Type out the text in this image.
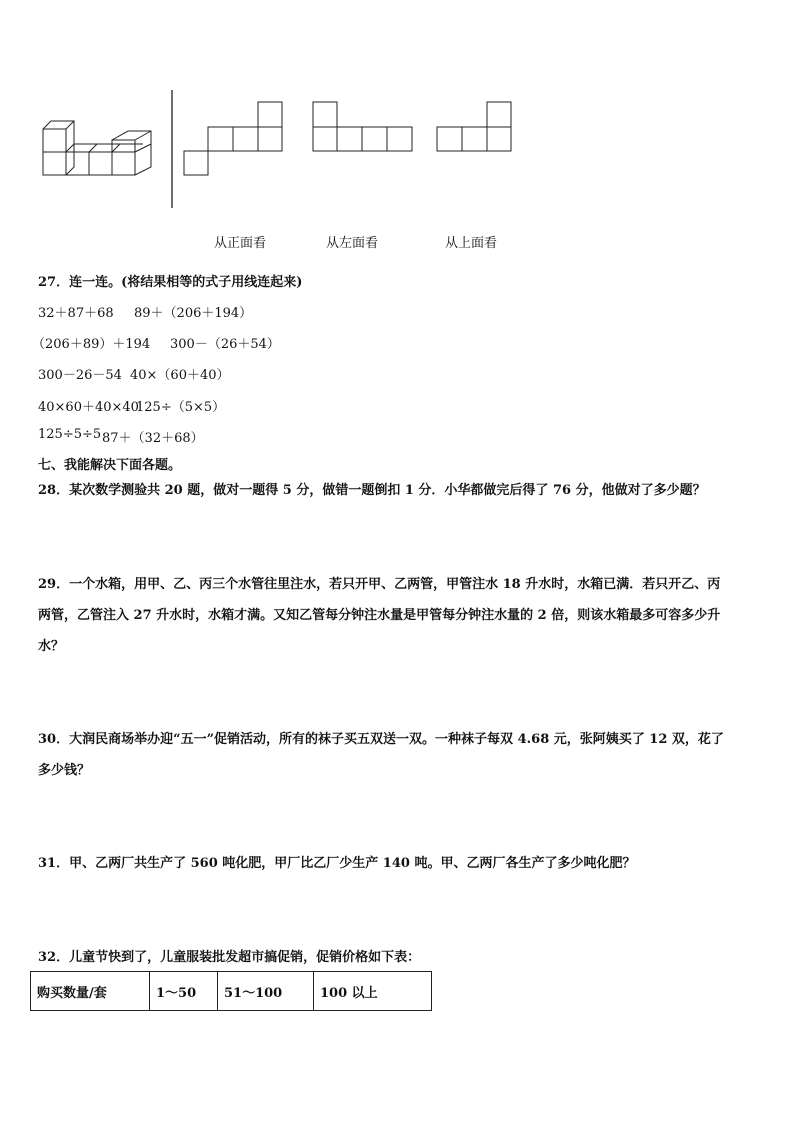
从正面看	从左面看	从上面看
27．连一连。(将结果相等的式子用线连起来)
32＋87＋68 89＋（206＋194）
（206＋89）＋194 300－（26＋54）
300－26－54 40×（60＋40）
40×60＋40×40
125÷（5×5）
125÷5÷5 87＋（32＋68）
七、我能解决下面各题。
28．某次数学测验共 20 题，做对一题得 5 分，做错一题倒扣 1 分．小华都做完后得了 76 分，他做对了多少题？
29．一个水箱，用甲、乙、丙三个水管往里注水，若只开甲、乙两管，甲管注水 18 升水时，水箱已满．若只开乙、丙
两管，乙管注入 27 升水时，水箱才满。又知乙管每分钟注水量是甲管每分钟注水量的 2 倍，则该水箱最多可容多少升
水？
30．大润民商场举办迎“五一”促销活动，所有的袜子买五双送一双。一种袜子每双 4.68 元，张阿姨买了 12 双，花了
多少钱？
31．甲、乙两厂共生产了 560 吨化肥，甲厂比乙厂少生产 140 吨。甲、乙两厂各生产了多少吨化肥？
32．儿童节快到了，儿童服装批发超市搞促销，促销价格如下表：
购买数量/套	1～50	51～100	100 以上
